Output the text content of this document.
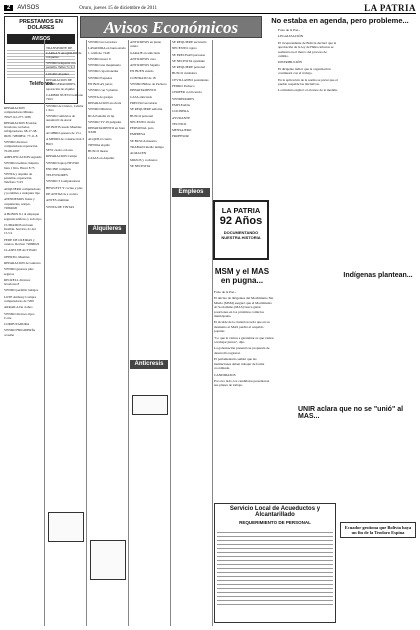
2	AVISOS	Oruro, jueves 15 de diciembre de 2011	LA PATRIA
Avisos Económicos
PRESTAMOS EN DOLARES
AVISOS
Teléfonos

REPARACION computadoras Minuto. 70927112-277-1186

REPARACION Ecuador, lavadoras, teclados, refrigeradores, 68-17-38-0028. 72860852. 77-11-8

VENDO diversos computadores reparación. 70-08-1097

AMPLIFICACION segunda

VENDO rueditas chiquito, bien 1 litro. Hacer 8.75

VENTA y alquiler de pantallas, reparación. Teléfono 7125

ADQUIERO computadoras y portátiles a cualquier tipo

ATENDEMOS frutas y carpinterías, relojes. 72862020

A BONOS 8.1 al empaque segunda teléfono y todo tipo

CUIDAMOS un buen flexible. Servicio 21 del 15.5 h

PEDE DE OLEIRAS y centros. Revisar 72686022

CLASES DE ACTIVAD

OFERTO, Muebles

REPARACION de Guitarra

VENDO gestores plus seguros

RECRELL diversos lavadoras 8

VENDO permitir trabajos

LOTE Anthony Compra computadoras de 7200

ARRAILA De 4 años

VENDO diversos tipos Corte

COMPUTADORA

VENDO FRIGIDERÍA ocasión

GRÚAS Fábrica

TRANSPORTE DE CARGA Y ALQUILER de volquetas

VENDO telepsión con pantalla. Taller 71 9-3

LOGRO Alquiler

REPARACION DE REFRIGERADORES, reparación de alquiler

CAMBIO NUEVO teléfono 7263

VENDO de Clásico, Celular 1 litro

VENDO vehículos de automóvil de Ascar

DE BOTIS usado Muebles

ACOBRO quesera de 13 a

A MEDIO de construcción 3 Hm3

SEVI cuatro colores

REPARACION Campo

VENDO laptop HP 6320

ENCINE completo

TELEVISORES

VENDO 3 Computadoras

HEWLETT Y cocina y pies

DE ANTIGUA a cocina

ANTES aluminio

VENTA DE TINTAS

VENDO un Lavadora

LAVADORA en buen estado 1. teléfono 7248

VENDO motor 6

VENDO una maquinaria

VENDO caja monedas

VENDO Paquetes

EN BOCAS jarras

VENDO con 5 plantas

VENTA de garajes

REPARACION en oferta

VENDO Minivan

RCA Pantalla 41 hp

VENDO TV 29 pulgadas

DEPARTAMENTO en Juan XXIII

ALQUILO cuarto

TIENDA alquilo

BUSCO mesas

CASAS en Alquiler

ANTICRESIS en pleno centro

GARAJE en anticrésis

ANTICRESIS casa

ANTICRESIS Sajama

EN BUEN estado

CONTRATO de 18

VENDO Bilbao de Pacheco

DEPARTAMENTO

CASA anticresis

PRECISO secretaria

SE REQUIERE señorita

BUSCO personal

NECESITO chofer

PERSONAL para

EMPRESA

SE BUSCA maestra

TRABAJO medio tiempo

ALMACEN

MOZOS y cocineros

SE NECESITA

SE REQUIERE secretaria

NECESITO cajera

SE PRECISAN personas

SE NECESITA ayudante

SE REQUIERE personal

BUSCO cuidadora

CEVILLANEO postulantes

PEDRO Pacheco

CHOFER con licencia

VENDEDORES

EMPLEADA

COCINERA

AYUDANTE

TECNICO

MENSAJERO

PROFESOR

Alquileres
Anticresis
Empleos
No estaba en agenda, pero probleme...

Fono de la Paz.-

El núcleo de dirigentes del Movimiento Sin Miedo (MSM) aseguró que el Movimiento Al Socialismo (MAS) busca ganar posiciones en los próximos comicios municipales.

El alcalde de la ciudad recordó que en su momento el MAS perdió el respaldo popular.

"Lo que le vamos a garantizar es que vamos a trabajar juntos", dijo.

La gobernación presentó su propuesta de desarrollo regional.

El parlamentario señaló que las instituciones deben trabajar de forma coordinada.

CANDIDATOS

Por otro lado, los candidatos presentaron sus planes de trabajo.

Fono de la Paz.-

LEGALIZACIÓN

El vicepresidente de Bolivia declaró que la aprobación de la ley de Hidrocarburos se realizará en el marco del proceso de cambio.

DISTRIBUCIÓN

El dirigente indicó que la organización continuará con el trabajo.

En la aplicación de la norma se prevé que el pueblo respalde las iniciativas.

La ministra explicó el alcance de la medida.

LA PATRIA
92 Años
DOCUMENTANDO NUESTRA HISTORIA
MSM y el MAS en pugna...
Indígenas plantean...
UNIR aclara que no se "unió" al MAS...
Servicio Local de Acueductos y Alcantarillado
REQUERIMIENTO DE PERSONAL
Ecuador gestiona que Bolivia haya un fin de la Teodoro Espina
